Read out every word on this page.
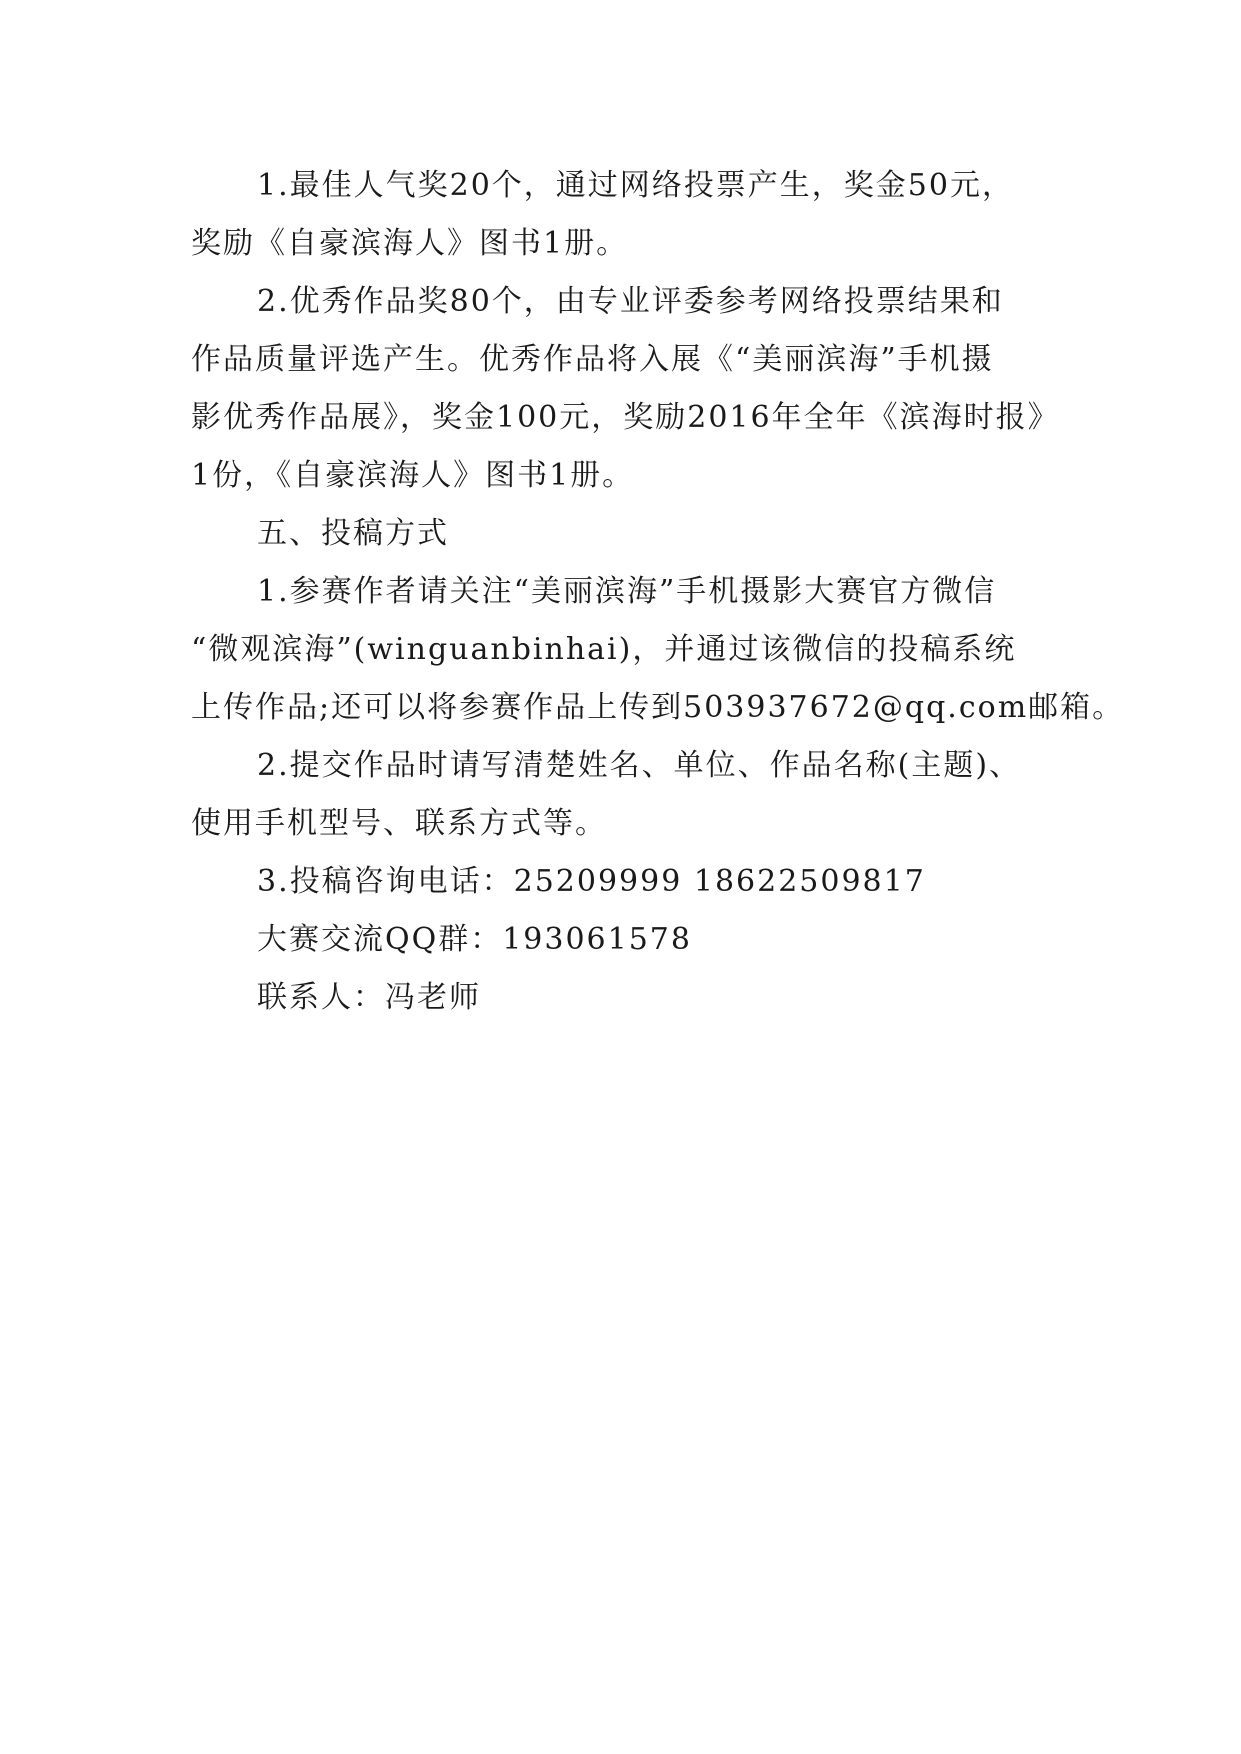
1.最佳人气奖20个，通过网络投票产生，奖金50元，
奖励《自豪滨海人》图书1册。
2.优秀作品奖80个，由专业评委参考网络投票结果和
作品质量评选产生。优秀作品将入展《“美丽滨海”手机摄
影优秀作品展》，奖金100元，奖励2016年全年《滨海时报》
1份，《自豪滨海人》图书1册。
五、投稿方式
1.参赛作者请关注“美丽滨海”手机摄影大赛官方微信
“微观滨海”(winguanbinhai)，并通过该微信的投稿系统
上传作品;还可以将参赛作品上传到503937672@qq.com邮箱。
2.提交作品时请写清楚姓名、单位、作品名称(主题)、
使用手机型号、联系方式等。
3.投稿咨询电话：25209999 18622509817
大赛交流QQ群：193061578
联系人：冯老师
